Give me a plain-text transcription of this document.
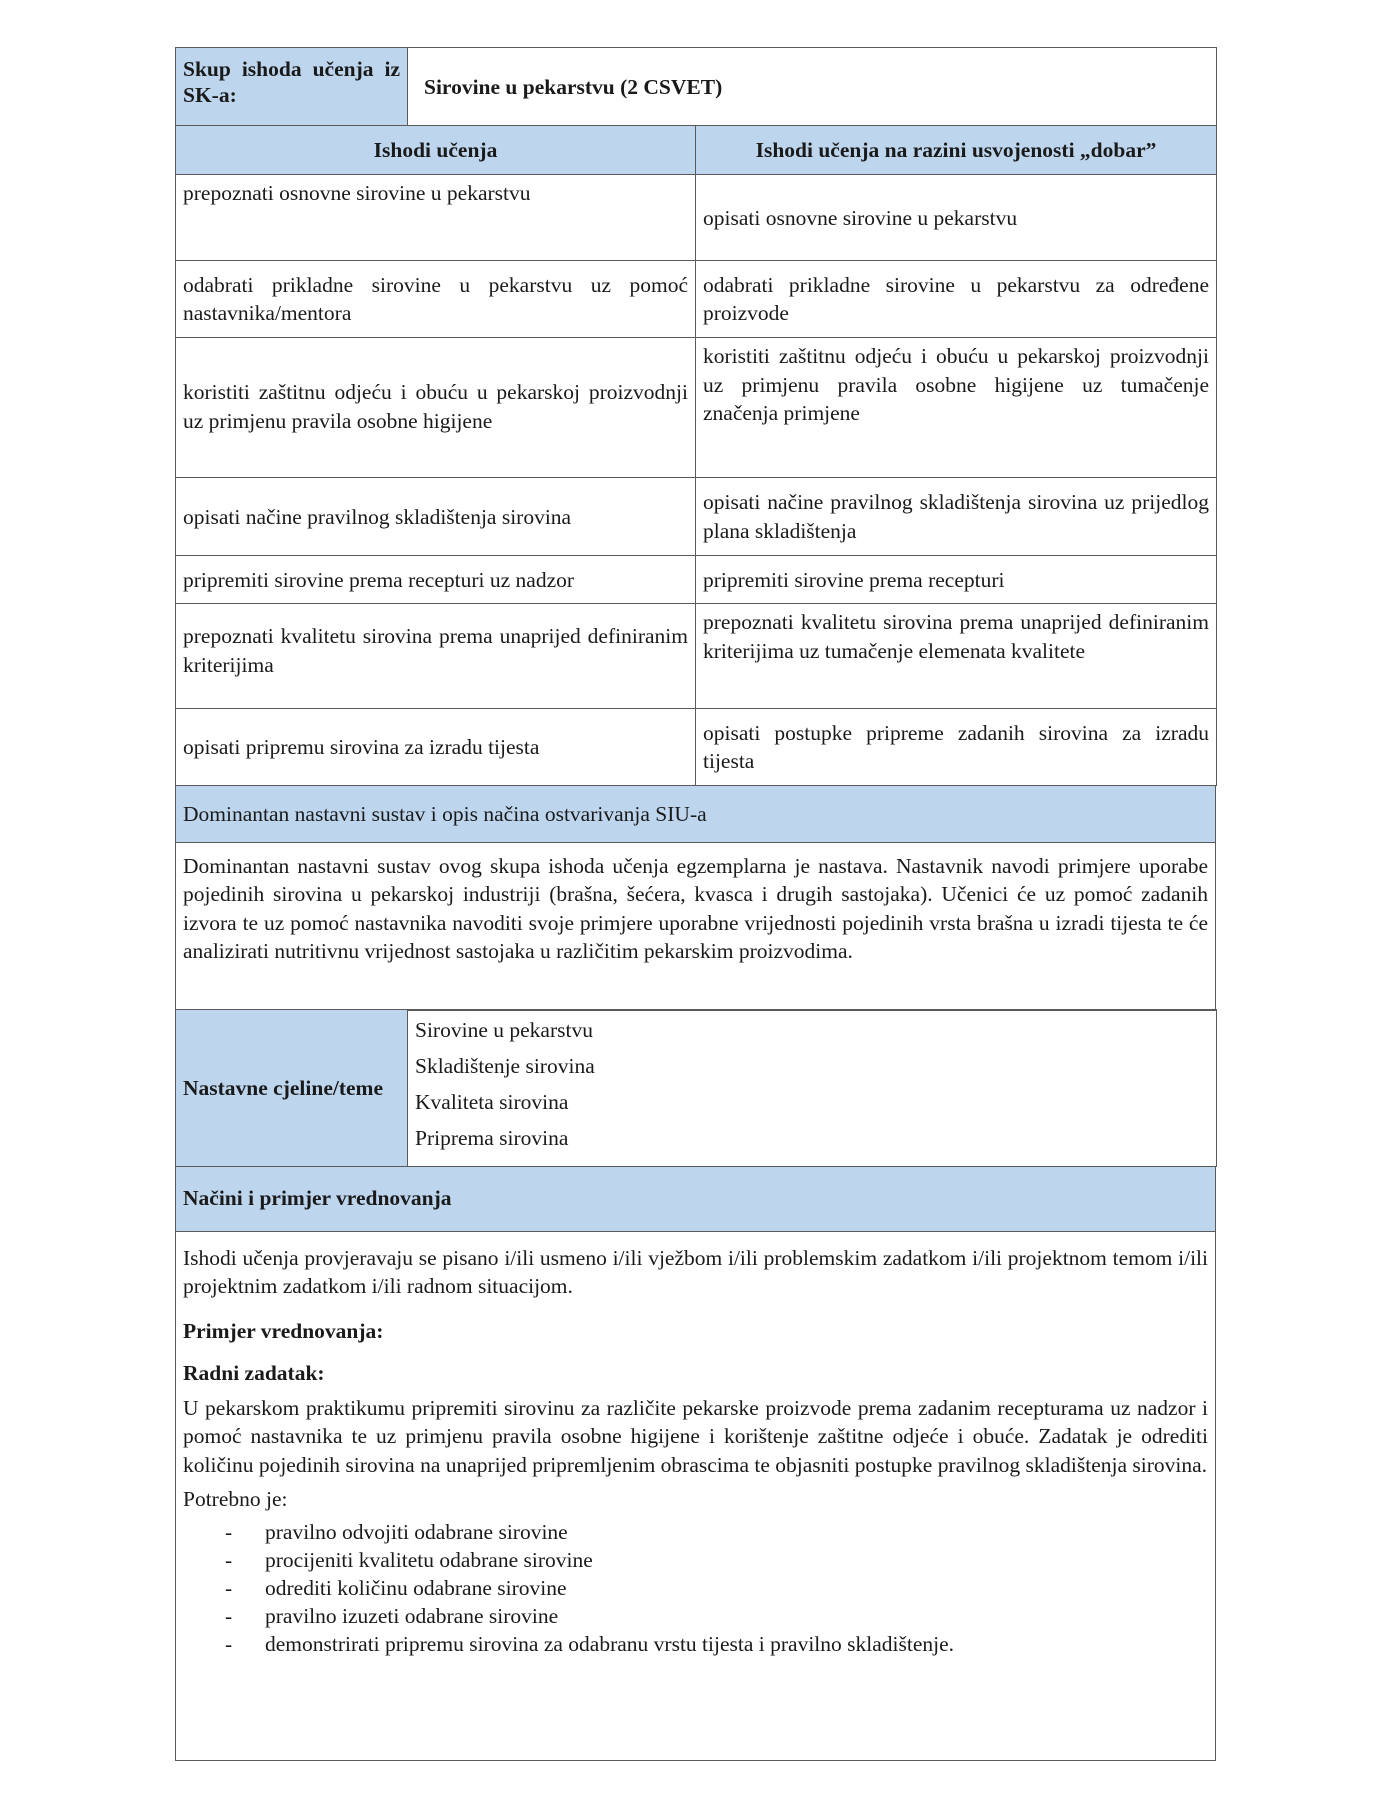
Skup ishoda učenja iz SK-a:	Sirovine u pekarstvu (2 CSVET)
Ishodi učenja	Ishodi učenja na razini usvojenosti „dobar”
prepoznati osnovne sirovine u pekarstvu	opisati osnovne sirovine u pekarstvu
odabrati prikladne sirovine u pekarstvu uz pomoć nastavnika/mentora	odabrati prikladne sirovine u pekarstvu za određene proizvode
koristiti zaštitnu odjeću i obuću u pekarskoj proizvodnji uz primjenu pravila osobne higijene	koristiti zaštitnu odjeću i obuću u pekarskoj proizvodnji uz primjenu pravila osobne higijene uz tumačenje značenja primjene
opisati načine pravilnog skladištenja sirovina	opisati načine pravilnog skladištenja sirovina uz prijedlog plana skladištenja
pripremiti sirovine prema recepturi uz nadzor	pripremiti sirovine prema recepturi
prepoznati kvalitetu sirovina prema unaprijed definiranim kriterijima	prepoznati kvalitetu sirovina prema unaprijed definiranim kriterijima uz tumačenje elemenata kvalitete
opisati pripremu sirovina za izradu tijesta	opisati postupke pripreme zadanih sirovina za izradu tijesta
Dominantan nastavni sustav i opis načina ostvarivanja SIU-a
Dominantan nastavni sustav ovog skupa ishoda učenja egzemplarna je nastava. Nastavnik navodi primjere uporabe pojedinih sirovina u pekarskoj industriji (brašna, šećera, kvasca i drugih sastojaka). Učenici će uz pomoć zadanih izvora te uz pomoć nastavnika navoditi svoje primjere uporabne vrijednosti pojedinih vrsta brašna u izradi tijesta te će analizirati nutritivnu vrijednost sastojaka u različitim pekarskim proizvodima.
Nastavne cjeline/teme	
Sirovine u pekarstvu
Skladištenje sirovina
Kvaliteta sirovina
Priprema sirovina
Načini i primjer vrednovanja

Ishodi učenja provjeravaju se pisano i/ili usmeno i/ili vježbom i/ili problemskim zadatkom i/ili projektnom temom i/ili projektnim zadatkom i/ili radnom situacijom.

Primjer vrednovanja:

Radni zadatak:

U pekarskom praktikumu pripremiti sirovinu za različite pekarske proizvode prema zadanim recepturama uz nadzor i pomoć nastavnika te uz primjenu pravila osobne higijene i korištenje zaštitne odjeće i obuće. Zadatak je odrediti količinu pojedinih sirovina na unaprijed pripremljenim obrascima te objasniti postupke pravilnog skladištenja sirovina.

Potrebno je:

- pravilno odvojiti odabrane sirovine
- procijeniti kvalitetu odabrane sirovine
- odrediti količinu odabrane sirovine
- pravilno izuzeti odabrane sirovine
- demonstrirati pripremu sirovina za odabranu vrstu tijesta i pravilno skladištenje.
